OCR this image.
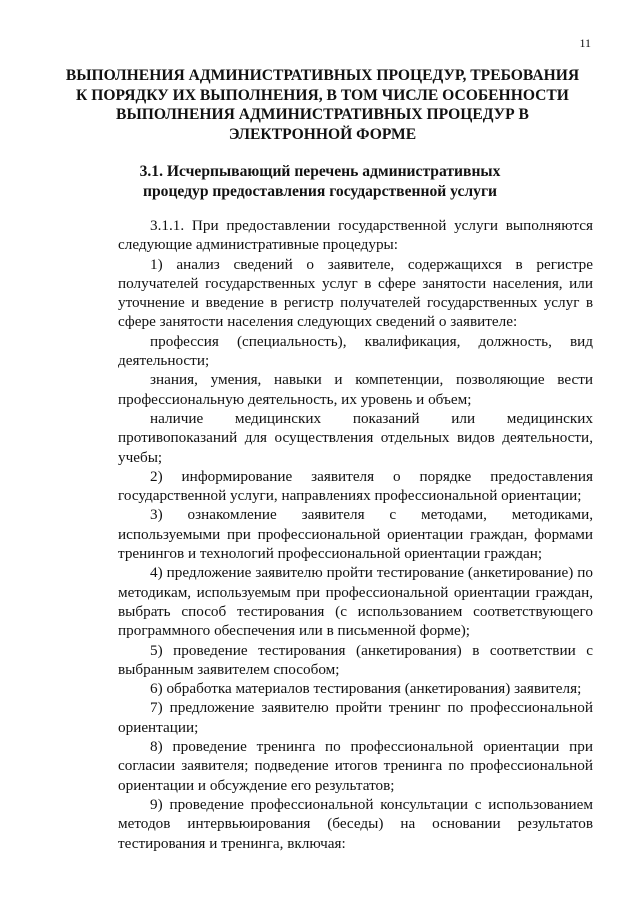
11
ВЫПОЛНЕНИЯ АДМИНИСТРАТИВНЫХ ПРОЦЕДУР, ТРЕБОВАНИЯ
К ПОРЯДКУ ИХ ВЫПОЛНЕНИЯ, В ТОМ ЧИСЛЕ ОСОБЕННОСТИ
ВЫПОЛНЕНИЯ АДМИНИСТРАТИВНЫХ ПРОЦЕДУР В
ЭЛЕКТРОННОЙ ФОРМЕ
3.1. Исчерпывающий перечень административных
процедур предоставления государственной услуги

3.1.1. При предоставлении государственной услуги выполняются следующие административные процедуры:

1) анализ сведений о заявителе, содержащихся в регистре получателей государственных услуг в сфере занятости населения, или уточнение и введение в регистр получателей государственных услуг в сфере занятости населения следующих сведений о заявителе:

профессия (специальность), квалификация, должность, вид деятельности;

знания, умения, навыки и компетенции, позволяющие вести профессиональную деятельность, их уровень и объем;

наличие медицинских показаний или медицинских противопоказаний для осуществления отдельных видов деятельности, учебы;

2) информирование заявителя о порядке предоставления государственной услуги, направлениях профессиональной ориентации;

3) ознакомление заявителя с методами, методиками, используемыми при профессиональной ориентации граждан, формами тренингов и технологий профессиональной ориентации граждан;

4) предложение заявителю пройти тестирование (анкетирование) по методикам, используемым при профессиональной ориентации граждан, выбрать способ тестирования (с использованием соответствующего программного обеспечения или в письменной форме);

5) проведение тестирования (анкетирования) в соответствии с выбранным заявителем способом;

6) обработка материалов тестирования (анкетирования) заявителя;

7) предложение заявителю пройти тренинг по профессиональной ориентации;

8) проведение тренинга по профессиональной ориентации при согласии заявителя; подведение итогов тренинга по профессиональной ориентации и обсуждение его результатов;

9) проведение профессиональной консультации с использованием методов интервьюирования (беседы) на основании результатов тестирования и тренинга, включая:
